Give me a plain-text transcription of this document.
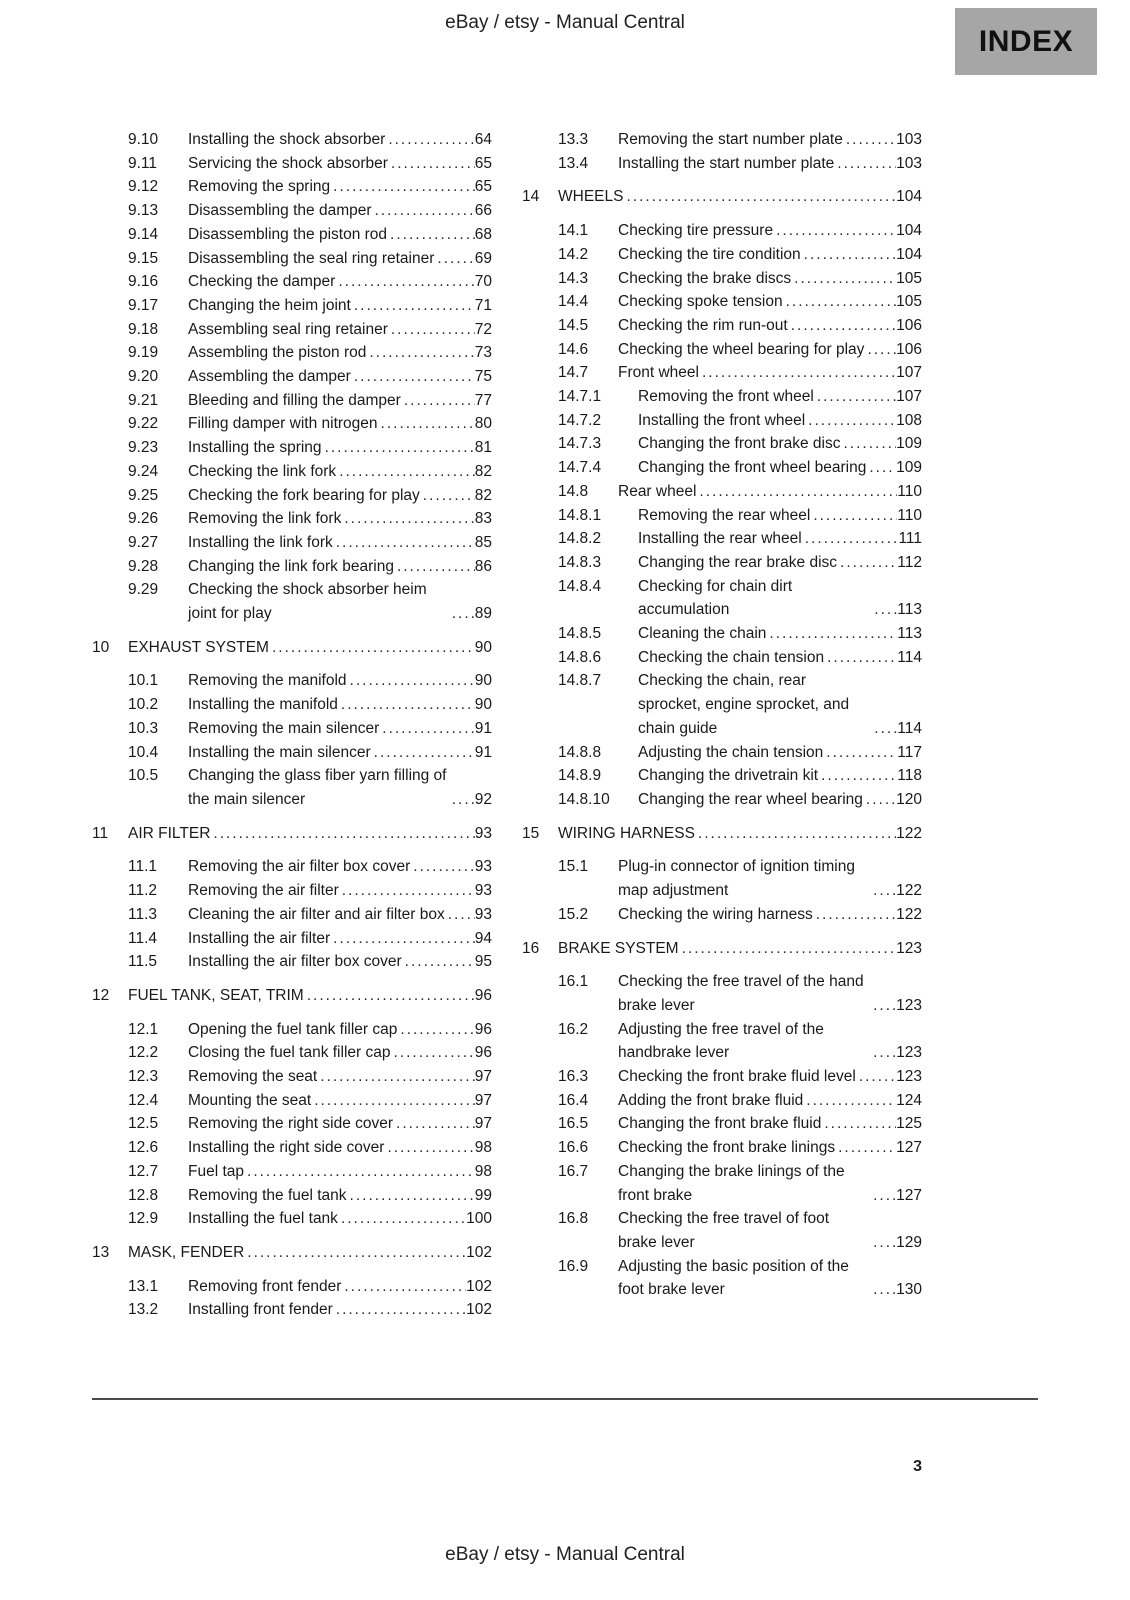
eBay / etsy - Manual Central
INDEX
9.10	Installing the shock absorber .....	64
9.11	Servicing the shock absorber .....	65
9.12	Removing the spring .....	65
9.13	Disassembling the damper .....	66
9.14	Disassembling the piston rod .....	68
9.15	Disassembling the seal ring retainer .....	69
9.16	Checking the damper .....	70
9.17	Changing the heim joint .....	71
9.18	Assembling seal ring retainer .....	72
9.19	Assembling the piston rod .....	73
9.20	Assembling the damper .....	75
9.21	Bleeding and filling the damper .....	77
9.22	Filling damper with nitrogen .....	80
9.23	Installing the spring .....	81
9.24	Checking the link fork .....	82
9.25	Checking the fork bearing for play .....	82
9.26	Removing the link fork .....	83
9.27	Installing the link fork .....	85
9.28	Changing the link fork bearing .....	86
9.29	Checking the shock absorber heim joint for play .....	89
10	EXHAUST SYSTEM .....	90
10.1	Removing the manifold .....	90
10.2	Installing the manifold .....	90
10.3	Removing the main silencer .....	91
10.4	Installing the main silencer .....	91
10.5	Changing the glass fiber yarn filling of the main silencer .....	92
11	AIR FILTER .....	93
11.1	Removing the air filter box cover .....	93
11.2	Removing the air filter .....	93
11.3	Cleaning the air filter and air filter box ..... 93
11.4	Installing the air filter .....	94
11.5	Installing the air filter box cover .....	95
12	FUEL TANK, SEAT, TRIM .....	96
12.1	Opening the fuel tank filler cap .....	96
12.2	Closing the fuel tank filler cap .....	96
12.3	Removing the seat .....	97
12.4	Mounting the seat .....	97
12.5	Removing the right side cover .....	97
12.6	Installing the right side cover .....	98
12.7	Fuel tap .....	98
12.8	Removing the fuel tank .....	99
12.9	Installing the fuel tank .....	100
13	MASK, FENDER .....	102
13.1	Removing front fender .....	102
13.2	Installing front fender .....	102
13.3	Removing the start number plate .....	103
13.4	Installing the start number plate .....	103
14	WHEELS .....	104
14.1	Checking tire pressure .....	104
14.2	Checking the tire condition .....	104
14.3	Checking the brake discs .....	105
14.4	Checking spoke tension .....	105
14.5	Checking the rim run-out .....	106
14.6	Checking the wheel bearing for play ..... 106
14.7	Front wheel .....	107
14.7.1	Removing the front wheel .....	107
14.7.2	Installing the front wheel .....	108
14.7.3	Changing the front brake disc .....	109
14.7.4	Changing the front wheel bearing ..... 109
14.8	Rear wheel .....	110
14.8.1	Removing the rear wheel .....	110
14.8.2	Installing the rear wheel .....	111
14.8.3	Changing the rear brake disc .....	112
14.8.4	Checking for chain dirt accumulation .....	113
14.8.5	Cleaning the chain .....	113
14.8.6	Checking the chain tension .....	114
14.8.7	Checking the chain, rear sprocket, engine sprocket, and chain guide .....	114
14.8.8	Adjusting the chain tension .....	117
14.8.9	Changing the drivetrain kit .....	118
14.8.10	Changing the rear wheel bearing ..... 120
15	WIRING HARNESS .....	122
15.1	Plug-in connector of ignition timing map adjustment .....	122
15.2	Checking the wiring harness .....	122
16	BRAKE SYSTEM .....	123
16.1	Checking the free travel of the hand brake lever .....	123
16.2	Adjusting the free travel of the handbrake lever .....	123
16.3	Checking the front brake fluid level .....	123
16.4	Adding the front brake fluid .....	124
16.5	Changing the front brake fluid .....	125
16.6	Checking the front brake linings .....	127
16.7	Changing the brake linings of the front brake .....	127
16.8	Checking the free travel of foot brake lever .....	129
16.9	Adjusting the basic position of the foot brake lever .....	130
3
eBay / etsy - Manual Central
